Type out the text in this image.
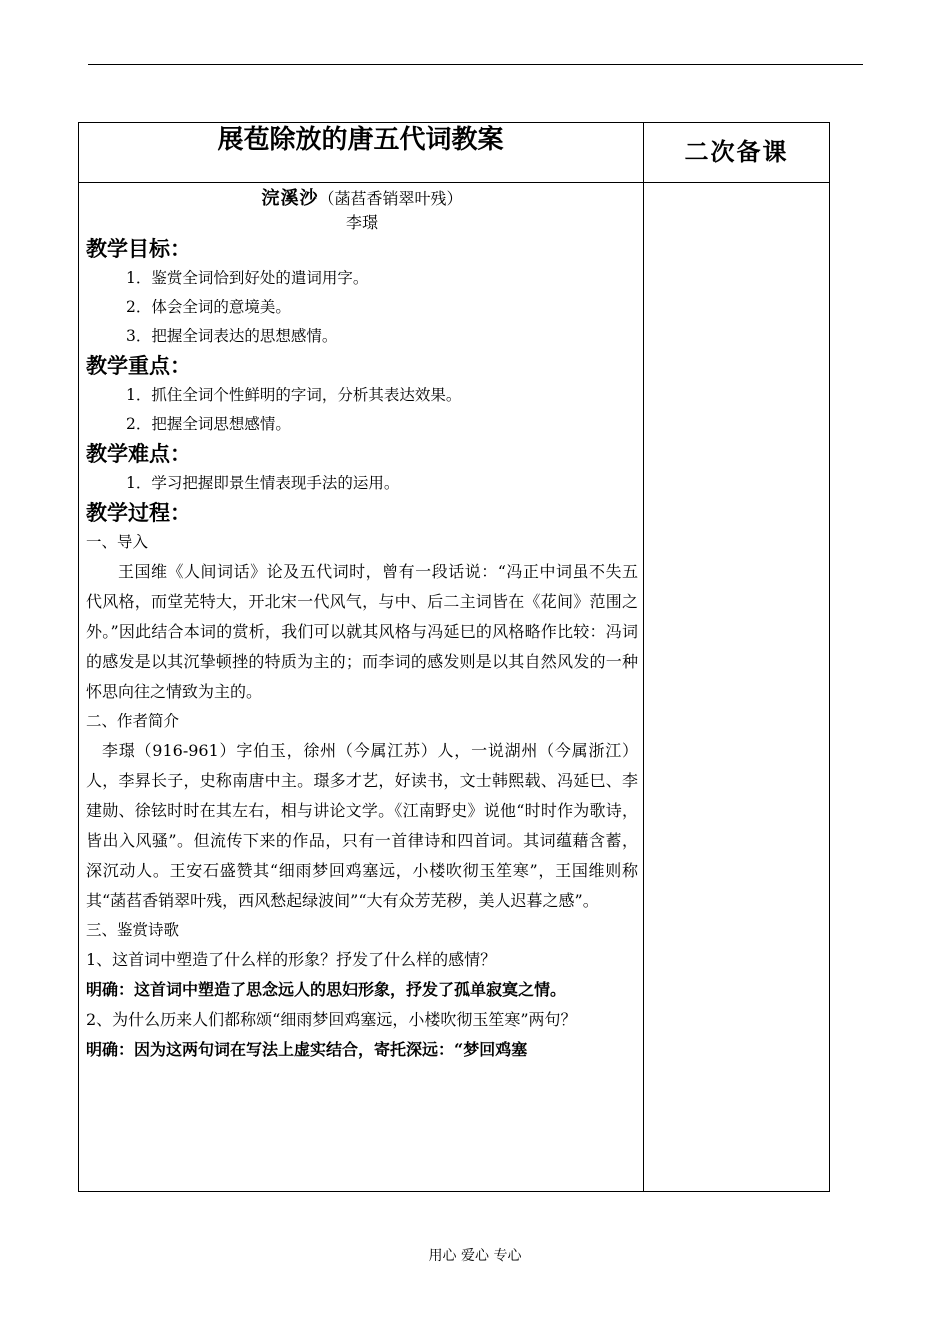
展苞除放的唐五代词教案	二次备课
浣溪沙（菡萏香销翠叶残）
李璟
教学目标：
1．鉴赏全词恰到好处的遣词用字。
2．体会全词的意境美。
3．把握全词表达的思想感情。
教学重点：
1．抓住全词个性鲜明的字词，分析其表达效果。
2．把握全词思想感情。
教学难点：
1．学习把握即景生情表现手法的运用。
教学过程：
一、导入
王国维《人间词话》论及五代词时，曾有一段话说：“冯正中词虽不失五代风格，而堂芜特大，开北宋一代风气，与中、后二主词皆在《花间》范围之外。”因此结合本词的赏析，我们可以就其风格与冯延巳的风格略作比较：冯词的感发是以其沉挚顿挫的特质为主的；而李词的感发则是以其自然风发的一种怀思向往之情致为主的。
二、作者简介
李璟（916-961）字伯玉，徐州（今属江苏）人，一说湖州（今属浙江）人，李昪长子，史称南唐中主。璟多才艺，好读书，文士韩熙载、冯延巳、李建勋、徐铉时时在其左右，相与讲论文学。《江南野史》说他“时时作为歌诗，皆出入风骚”。但流传下来的作品，只有一首律诗和四首词。其词蕴藉含蓄，深沉动人。王安石盛赞其“细雨梦回鸡塞远，小楼吹彻玉笙寒”，王国维则称其“菡萏香销翠叶残，西风愁起绿波间”“大有众芳芜秽，美人迟暮之感”。
三、鉴赏诗歌
1、这首词中塑造了什么样的形象？抒发了什么样的感情？
明确：这首词中塑造了思念远人的思妇形象，抒发了孤单寂寞之情。
2、为什么历来人们都称颂“细雨梦回鸡塞远，小楼吹彻玉笙寒”两句？
明确：因为这两句词在写法上虚实结合，寄托深远：“梦回鸡塞
用心 爱心 专心
